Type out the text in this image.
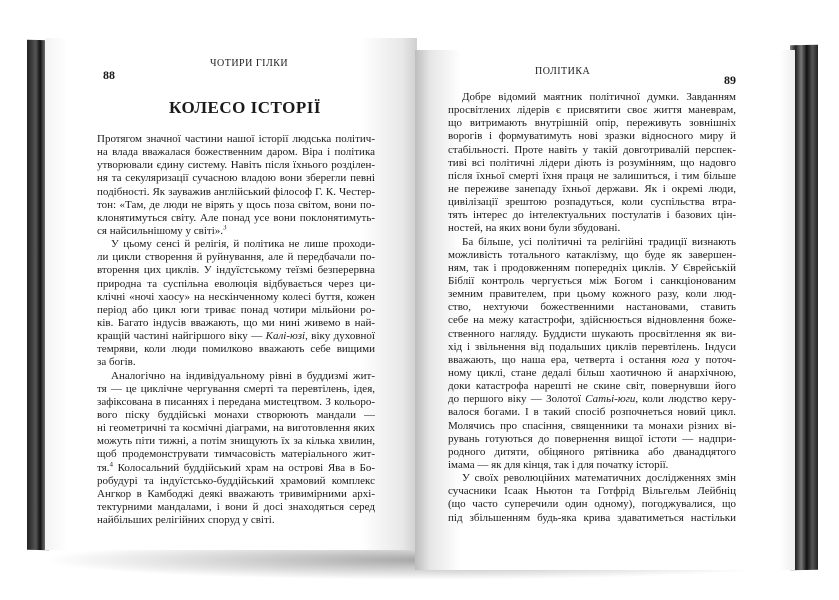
ЧОТИРИ ГІЛКИ
88
КОЛЕСО ІСТОРІЇ
Протягом значної частини нашої історії людська політич-
на влада вважалася божественним даром. Віра і політика
утворювали єдину систему. Навіть після їхнього розділен-
ня та секуляризації сучасною владою вони зберегли певні
подібності. Як зауважив англійський філософ Г. К. Честер-
тон: «Там, де люди не вірять у щось поза світом, вони по-
клонятимуться світу. Але понад усе вони поклонятимуть-
ся найсильнішому у світі».$^3$
У цьому сенсі й релігія, й політика не лише проходи-
ли цикли створення й руйнування, але й передбачали по-
вторення цих циклів. У індуїстському теїзмі безперервна
природна та суспільна еволюція відбувається через ци-
клічні «ночі хаосу» на нескінченному колесі буття, кожен
період або цикл юги триває понад чотири мільйони ро-
ків. Багато індусів вважають, що ми нині живемо в най-
кращій частині найгіршого віку — Калі-юзі, віку духовної
темряви, коли люди помилково вважають себе вищими
за богів.
Аналогічно на індивідуальному рівні в буддизмі жит-
тя — це циклічне чергування смерті та перевтілень, ідея,
зафіксована в писаннях і передана мистецтвом. З кольоро-
вого піску буддійські монахи створюють мандали —
ні геометричні та космічні діаграми, на виготовлення яких
можуть піти тижні, а потім знищують їх за кілька хвилин,
щоб продемонструвати тимчасовість матеріального жит-
тя.$^4$ Колосальний буддійський храм на острові Ява в Бо-
робудурі та індуїстсько-буддійський храмовий комплекс
Ангкор в Камбоджі деякі вважають тривимірними архі-
тектурними мандалами, і вони й досі знаходяться серед
найбільших релігійних споруд у світі.
ПОЛІТИКА
89
Добре відомий маятник політичної думки. Завданням
просвітлених лідерів є присвятити своє життя маневрам,
що витримають внутрішній опір, переживуть зовнішніх
ворогів і формуватимуть нові зразки відносного миру й
стабільності. Проте навіть у такій довготривалій перспек-
тиві всі політичні лідери діють із розумінням, що надовго
після їхньої смерті їхня праця не залишиться, і тим більше
не переживе занепаду їхньої держави. Як і окремі люди,
цивілізації зрештою розпадуться, коли суспільства втра-
тять інтерес до інтелектуальних постулатів і базових цін-
ностей, на яких вони були збудовані.
Ба більше, усі політичні та релігійні традиції визнають
можливість тотального катаклізму, що буде як завершен-
ням, так і продовженням попередніх циклів. У Єврейській
Біблії контроль чергується між Богом і санкціонованим
земним правителем, при цьому кожного разу, коли люд-
ство, нехтуючи божественними настановами, ставить
себе на межу катастрофи, здійснюється відновлення боже-
ственного нагляду. Буддисти шукають просвітлення як ви-
хід і звільнення від подальших циклів перевтілень. Індуси
вважають, що наша ера, четверта і остання юга у поточ-
ному циклі, стане дедалі більш хаотичною й анархічною,
доки катастрофа нарешті не скине світ, повернувши його
до першого віку — Золотої Сатьі-юги, коли людство керу-
валося богами. І в такий спосіб розпочнеться новий цикл.
Молячись про спасіння, священники та монахи різних ві-
рувань готуються до повернення вищої істоти — надпри-
родного дитяти, обіцяного рятівника або дванадцятого
імама — як для кінця, так і для початку історії.
У своїх революційних математичних дослідженнях змін
сучасники Ісаак Ньютон та Готфрід Вільгельм Лейбніц
(що часто суперечили один одному), погоджувалися, що
під збільшенням будь-яка крива здаватиметься настільки
